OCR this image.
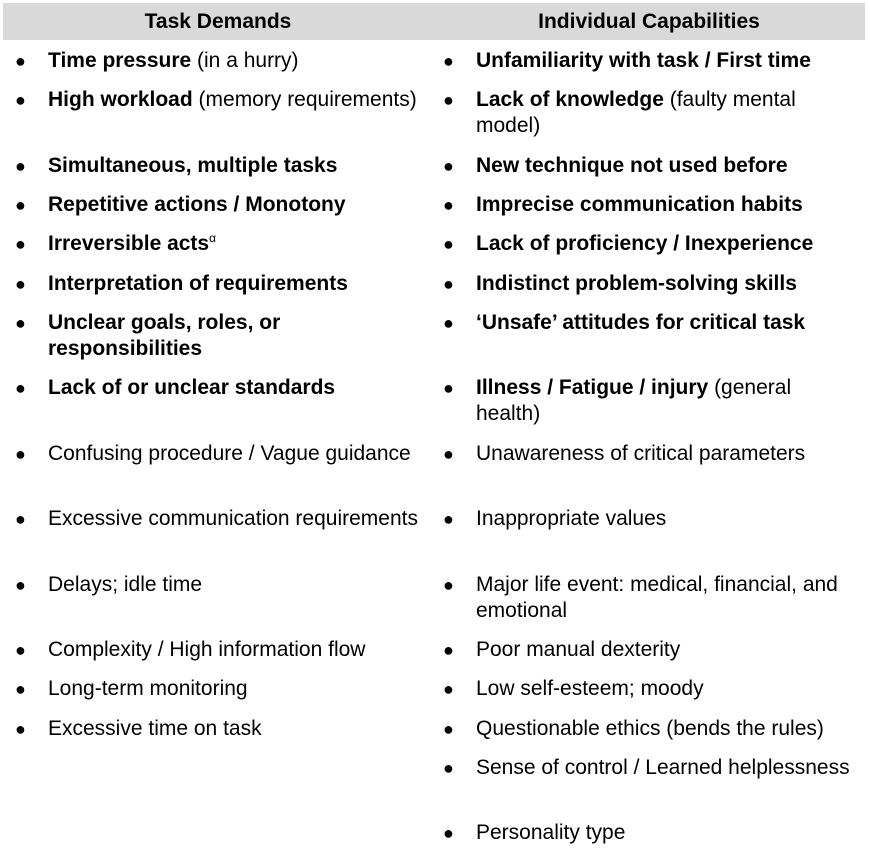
Task Demands	Individual Capabilities
● Time pressure (in a hurry)
● High workload (memory requirements)
● Simultaneous, multiple tasks
● Repetitive actions / Monotony
● Irreversible acts$^\alpha$
● Interpretation of requirements
● Unclear goals, roles, or responsibilities
● Lack of or unclear standards
● Confusing procedure / Vague guidance
● Excessive communication requirements
● Delays; idle time
● Complexity / High information flow
● Long-term monitoring
● Excessive time on task
● Unfamiliarity with task / First time
● Lack of knowledge (faulty mental model)
● New technique not used before
● Imprecise communication habits
● Lack of proficiency / Inexperience
● Indistinct problem-solving skills
● ‘Unsafe’ attitudes for critical task
● Illness / Fatigue / injury (general health)
● Unawareness of critical parameters
● Inappropriate values
● Major life event: medical, financial, and emotional
● Poor manual dexterity
● Low self-esteem; moody
● Questionable ethics (bends the rules)
● Sense of control / Learned helplessness
● Personality type
